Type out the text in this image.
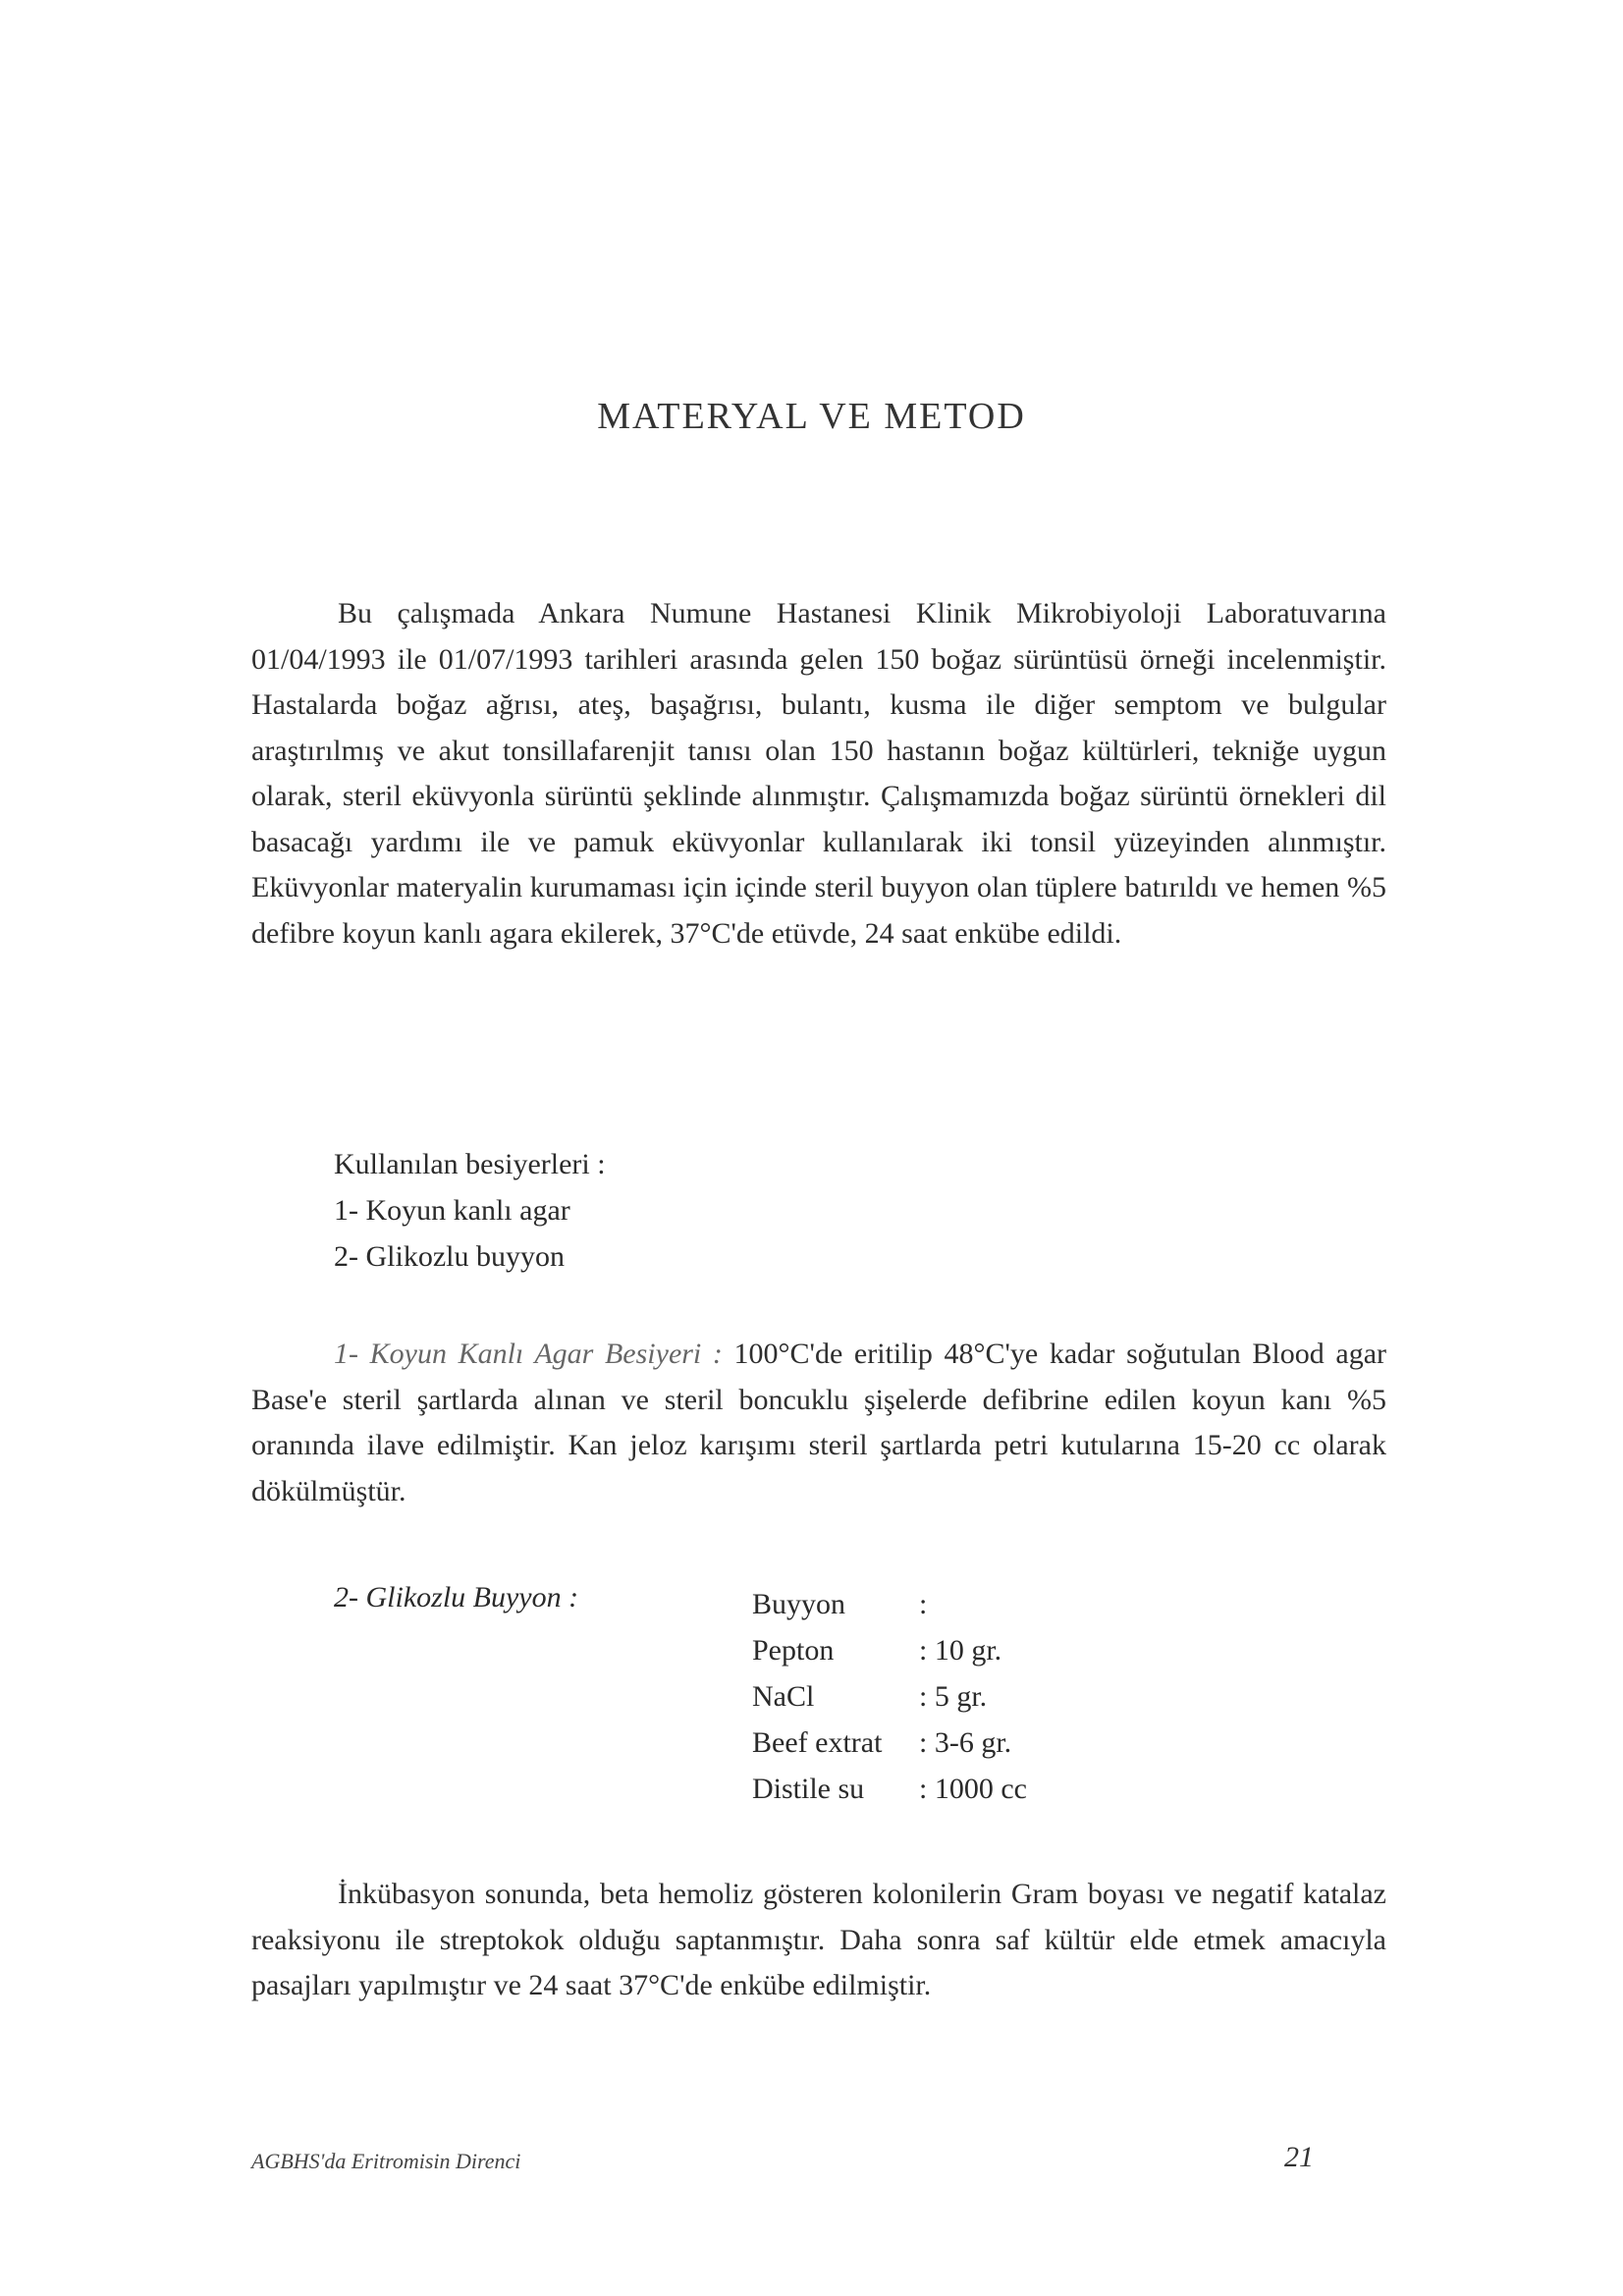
MATERYAL VE METOD
Bu çalışmada Ankara Numune Hastanesi Klinik Mikrobiyoloji Laboratuvarına 01/04/1993 ile 01/07/1993 tarihleri arasında gelen 150 boğaz sürüntüsü örneği incelenmiştir. Hastalarda boğaz ağrısı, ateş, başağrısı, bulantı, kusma ile diğer semptom ve bulgular araştırılmış ve akut tonsillafarenjit tanısı olan 150 hastanın boğaz kültürleri, tekniğe uygun olarak, steril eküvyonla sürüntü şeklinde alınmıştır. Çalışmamızda boğaz sürüntü örnekleri dil basacağı yardımı ile ve pamuk eküvyonlar kullanılarak iki tonsil yüzeyinden alınmıştır. Eküvyonlar materyalin kurumaması için içinde steril buyyon olan tüplere batırıldı ve hemen %5 defibre koyun kanlı agara ekilerek, 37°C'de etüvde, 24 saat enkübe edildi.
Kullanılan besiyerleri :
1- Koyun kanlı agar
2- Glikozlu buyyon
1- Koyun Kanlı Agar Besiyeri : 100°C'de eritilip 48°C'ye kadar soğutulan Blood agar Base'e steril şartlarda alınan ve steril boncuklu şişelerde defibrine edilen koyun kanı %5 oranında ilave edilmiştir. Kan jeloz karışımı steril şartlarda petri kutularına 15-20 cc olarak dökülmüştür.
2- Glikozlu Buyyon :	Buyyon :
Pepton	: 10 gr.
NaCl	: 5 gr.
Beef extrat : 3-6 gr.
Distile su : 1000 cc
İnkübasyon sonunda, beta hemoliz gösteren kolonilerin Gram boyası ve negatif katalaz reaksiyonu ile streptokok olduğu saptanmıştır. Daha sonra saf kültür elde etmek amacıyla pasajları yapılmıştır ve 24 saat 37°C'de enkübe edilmiştir.
AGBHS'da Eritromisin Direnci	21
